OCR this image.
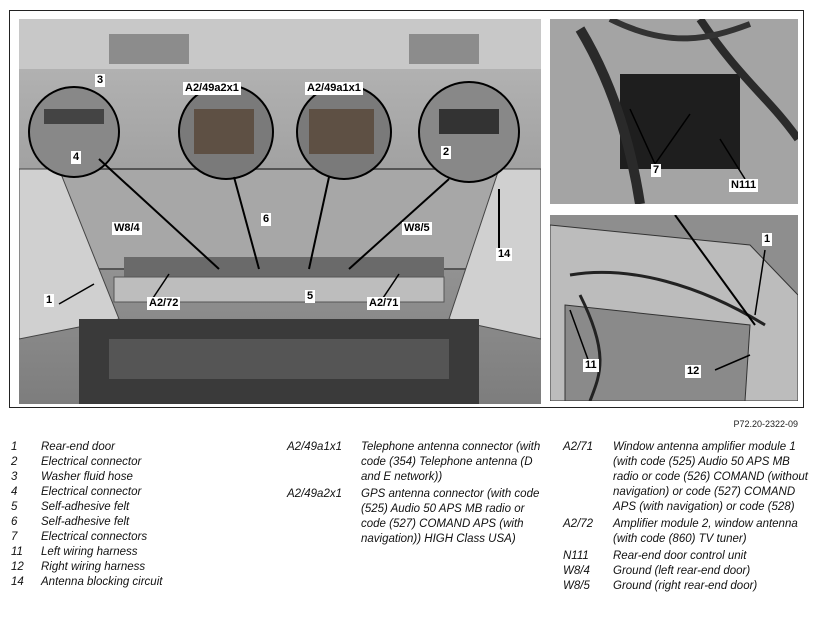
3
4
A2/49a2x1	A2/49a1x1
2
W8/4
6
W8/5
14
1	A2/72
5
A2/71
7
N111
1
11	12
P72.20-2322-09
1	Rear-end door
2	Electrical connector
3	Washer fluid hose
4	Electrical connector
5	Self-adhesive felt
6	Self-adhesive felt
7	Electrical connectors
11	Left wiring harness
12	Right wiring harness
14	Antenna blocking circuit
A2/49a1x1	Telephone antenna connector (with code (354) Telephone antenna (D and E network))
A2/49a2x1	GPS antenna connector (with code (525) Audio 50 APS MB radio or code (527) COMAND APS (with navigation)) HIGH Class USA)
A2/71	Window antenna amplifier module 1 (with code (525) Audio 50 APS MB radio or code (526) COMAND (without navigation) or code (527) COMAND APS (with navigation) or code (528)
A2/72	Amplifier module 2, window antenna (with code (860) TV tuner)
N111	Rear-end door control unit
W8/4	Ground (left rear-end door)
W8/5	Ground (right rear-end door)
